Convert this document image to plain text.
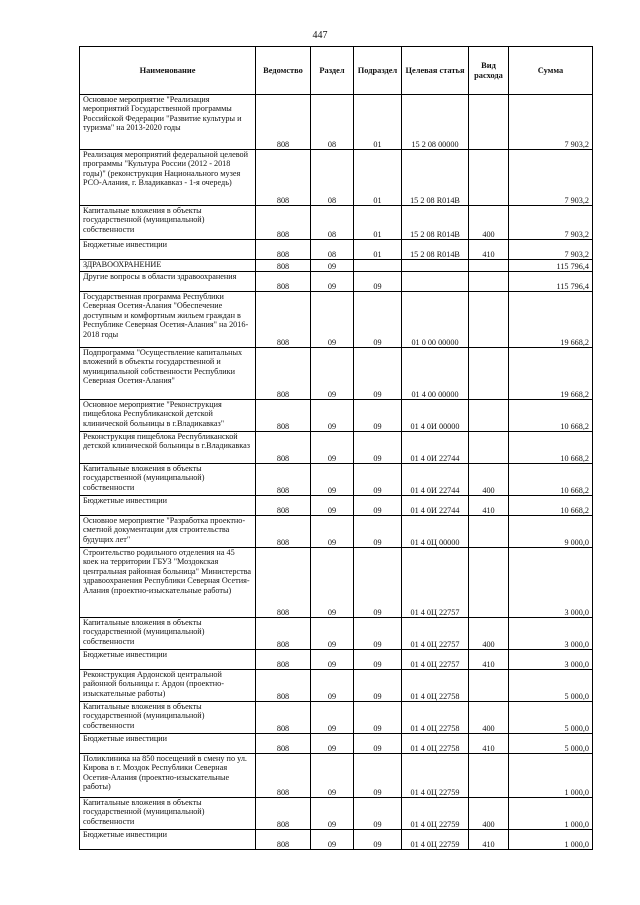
447
Наименование	Ведомство	Раздел	Подраздел	Целевая статья	Вид расхода	Сумма
Основное мероприятие "Реализация мероприятий Государственной программы Российской Федерации "Развитие культуры и туризма" на 2013-2020 годы	808	08	01	15 2 08 00000		7 903,2
Реализация мероприятий федеральной целевой программы "Культура России (2012 - 2018 годы)" (реконструкция Национального музея РСО-Алания, г. Владикавказ - 1-я очередь)	808	08	01	15 2 08 R014B		7 903,2
Капитальные вложения в объекты государственной (муниципальной) собственности	808	08	01	15 2 08 R014B	400	7 903,2
Бюджетные инвестиции	808	08	01	15 2 08 R014B	410	7 903,2
ЗДРАВООХРАНЕНИЕ	808	09				115 796,4
Другие вопросы в области здравоохранения	808	09	09			115 796,4
Государственная программа Республики Северная Осетия-Алания "Обеспечение доступным и комфортным жильем граждан в Республике Северная Осетия-Алания" на 2016-2018 годы	808	09	09	01 0 00 00000		19 668,2
Подпрограмма "Осуществление капитальных вложений в объекты государственной и муниципальной собственности Республики Северная Осетия-Алания"	808	09	09	01 4 00 00000		19 668,2
Основное мероприятие "Реконструкция пищеблока Республиканской детской клинической больницы в г.Владикавказ"	808	09	09	01 4 0И 00000		10 668,2
Реконструкция пищеблока Республиканской детской клинической больницы в г.Владикавказ	808	09	09	01 4 0И 22744		10 668,2
Капитальные вложения в объекты государственной (муниципальной) собственности	808	09	09	01 4 0И 22744	400	10 668,2
Бюджетные инвестиции	808	09	09	01 4 0И 22744	410	10 668,2
Основное мероприятие "Разработка проектно-сметной документации для строительства будущих лет"	808	09	09	01 4 0Ц 00000		9 000,0
Строительство родильного отделения на 45 коек на территории ГБУЗ "Моздокская центральная районная больница" Министерства здравоохранения Республики Северная Осетия-Алания (проектно-изыскательные работы)	808	09	09	01 4 0Ц 22757		3 000,0
Капитальные вложения в объекты государственной (муниципальной) собственности	808	09	09	01 4 0Ц 22757	400	3 000,0
Бюджетные инвестиции	808	09	09	01 4 0Ц 22757	410	3 000,0
Реконструкция Ардонской центральной районной больницы г. Ардон (проектно-изыскательные работы)	808	09	09	01 4 0Ц 22758		5 000,0
Капитальные вложения в объекты государственной (муниципальной) собственности	808	09	09	01 4 0Ц 22758	400	5 000,0
Бюджетные инвестиции	808	09	09	01 4 0Ц 22758	410	5 000,0
Поликлиника на 850 посещений в смену по ул. Кирова в г. Моздок Республики Северная Осетия-Алания (проектно-изыскательные работы)	808	09	09	01 4 0Ц 22759		1 000,0
Капитальные вложения в объекты государственной (муниципальной) собственности	808	09	09	01 4 0Ц 22759	400	1 000,0
Бюджетные инвестиции	808	09	09	01 4 0Ц 22759	410	1 000,0
